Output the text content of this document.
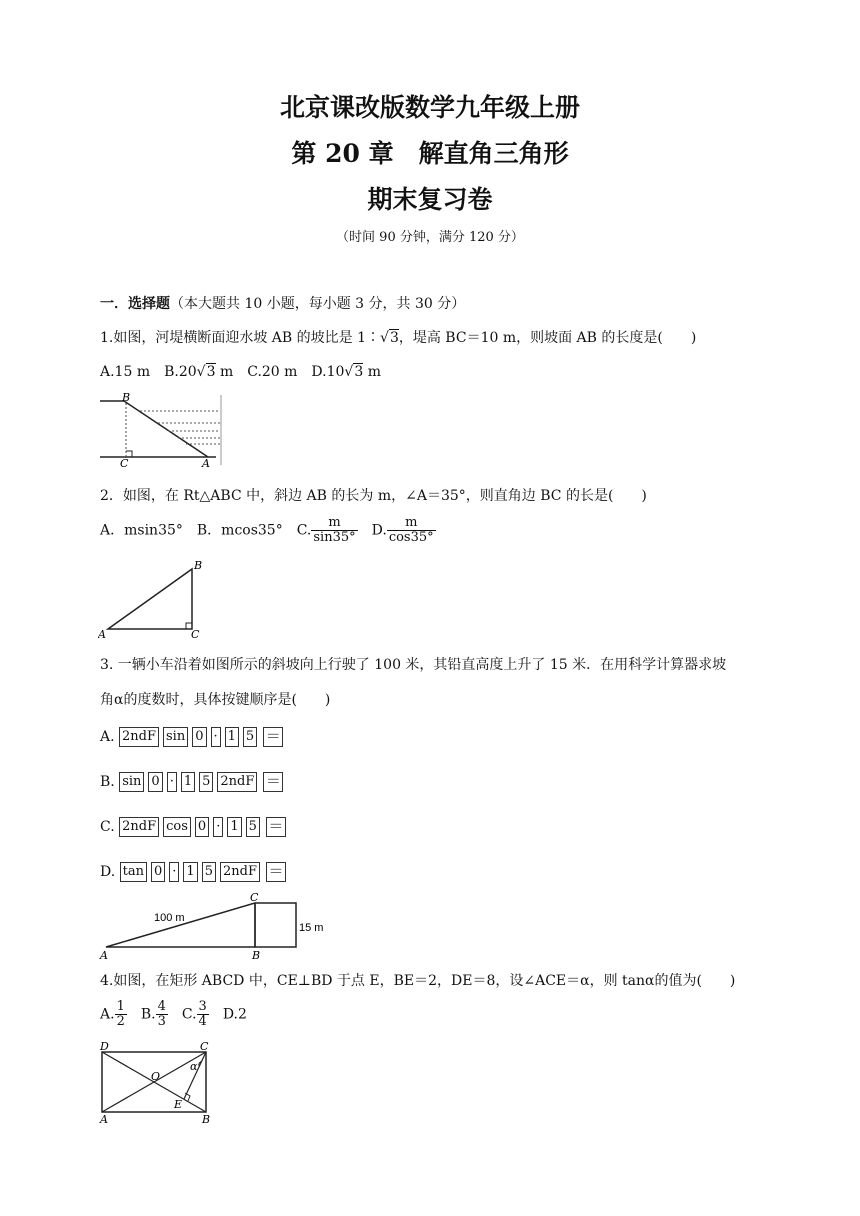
北京课改版数学九年级上册
第 20 章　解直角三角形
期末复习卷
（时间 90 分钟，满分 120 分）
一．选择题（本大题共 10 小题，每小题 3 分，共 30 分）
1.如图，河堤横断面迎水坡 AB 的坡比是 1∶√3，堤高 BC＝10 m，则坡面 AB 的长度是(　　)
A.15 m　B.20√3 m　C.20 m　D.10√3 m
B
C	A
2．如图，在 Rt△ABC 中，斜边 AB 的长为 m，∠A＝35°，则直角边 BC 的长是(　　)
A．msin35°　B．mcos35°　C. $\frac{m}{\sin 35^\circ}$
　 D. $\frac{m}{\cos 35^\circ}$
A
B
C
3. 一辆小车沿着如图所示的斜坡向上行驶了 100 米，其铅直高度上升了 15 米．在用科学计算器求坡
角α的度数时，具体按键顺序是(　　)
A. 2ndF sin 0 · 1 5 ＝
B. sin 0 · 1 5 2ndF ＝
C. 2ndF cos 0 · 1 5 ＝
D. tan 0 · 1 5 2ndF ＝
100 m
15 m
A	B
C
4.如图，在矩形 ABCD 中，CE⊥BD 于点 E，BE＝2，DE＝8，设∠ACE＝α，则 tanα的值为(　　)
A. $\frac{1}{2}$
　 B. $\frac{4}{3}$
　 C. $\frac{3}{4}$
　 D.2
D	C
O
α
E
A	B
